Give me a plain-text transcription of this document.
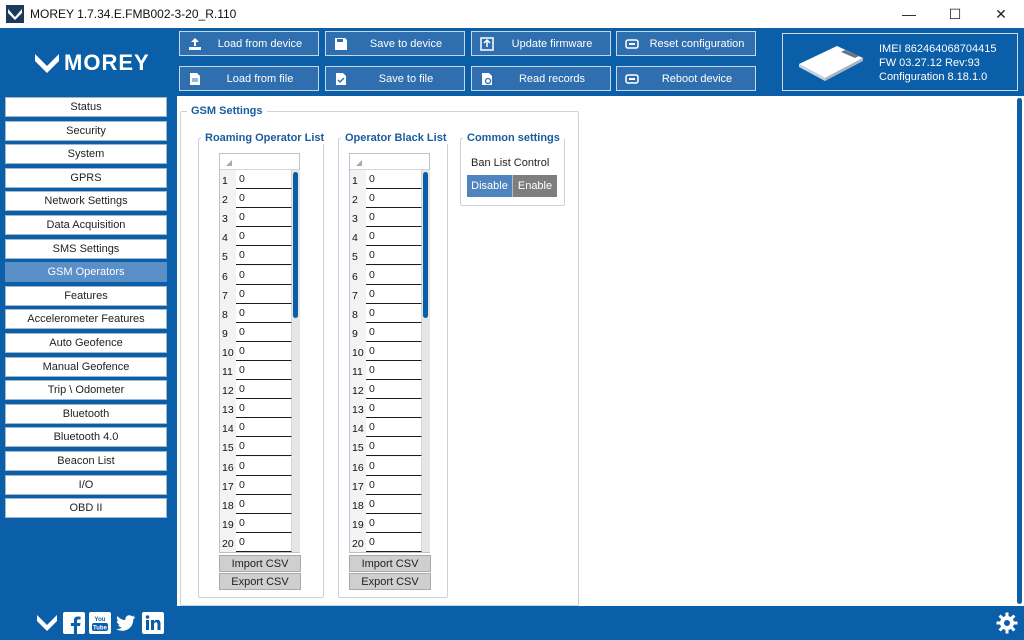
MOREY 1.7.34.E.FMB002-3-20_R.110	—	☐	✕
MOREY
Load from device	Save to device	Update firmware	Reset configuration
Load from file	Save to file	Read records	Reboot device
IMEI 862464068704415
FW 03.27.12 Rev:93
Configuration 8.18.1.0
Status
Security
System
GPRS
Network Settings
Data Acquisition
SMS Settings
GSM Operators
Features
Accelerometer Features
Auto Geofence
Manual Geofence
Trip \ Odometer
Bluetooth
Bluetooth 4.0
Beacon List
I/O
OBD II
GSM Settings
Roaming Operator List
1	0
2	0
3	0
4	0
5	0
6	0
7	0
8	0
9	0
10 0
11 0
12 0
13 0
14 0
15 0
16 0
17 0
18 0
19 0
20 0
Import CSV
Export CSV
Operator Black List
1	0
2	0
3	0
4	0
5	0
6	0
7	0
8	0
9	0
10 0
11 0
12 0
13 0
14 0
15 0
16 0
17 0
18 0
19 0
20 0
Import CSV
Export CSV
Common settings
Ban List Control
Disable Enable
You
Tube
